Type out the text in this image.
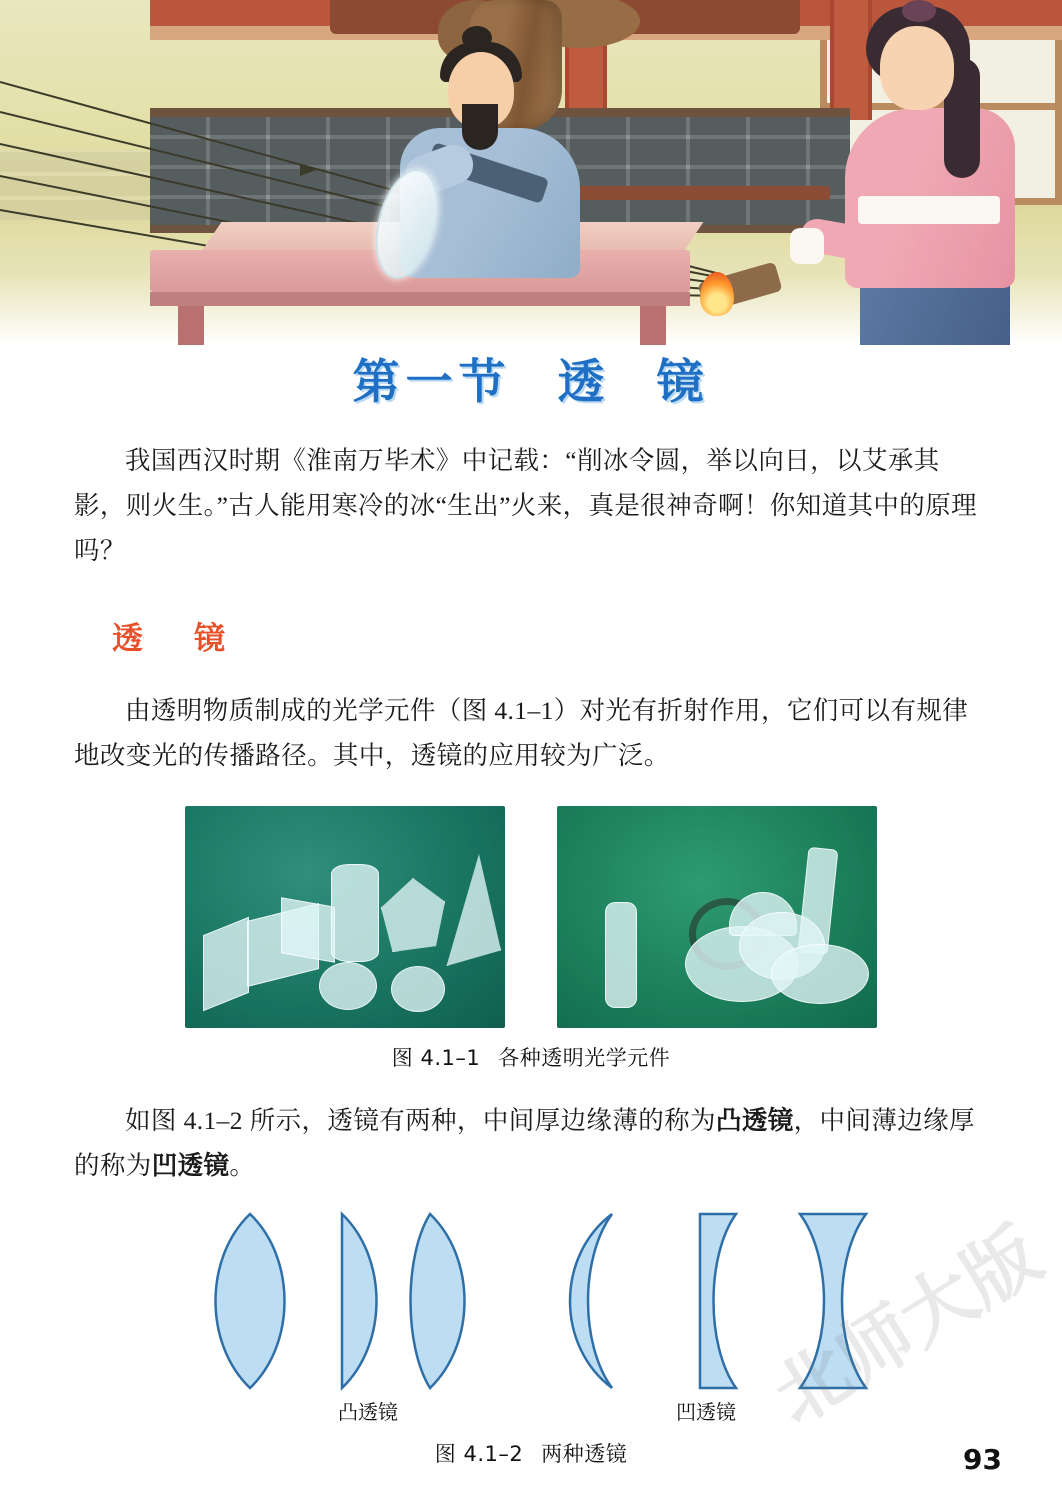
第一节 透 镜

我国西汉时期《淮南万毕术》中记载：“削冰令圆，举以向日，以艾承其影，则火生。”古人能用寒冷的冰“生出”火来，真是很神奇啊！你知道其中的原理吗？

透　镜

由透明物质制成的光学元件（图 4.1–1）对光有折射作用，它们可以有规律地改变光的传播路径。其中，透镜的应用较为广泛。

图 4.1–1 各种透明光学元件

如图 4.1–2 所示，透镜有两种，中间厚边缘薄的称为凸透镜，中间薄边缘厚的称为凹透镜。

凸透镜	凹透镜
图 4.1–2 两种透镜
北师大版
93
